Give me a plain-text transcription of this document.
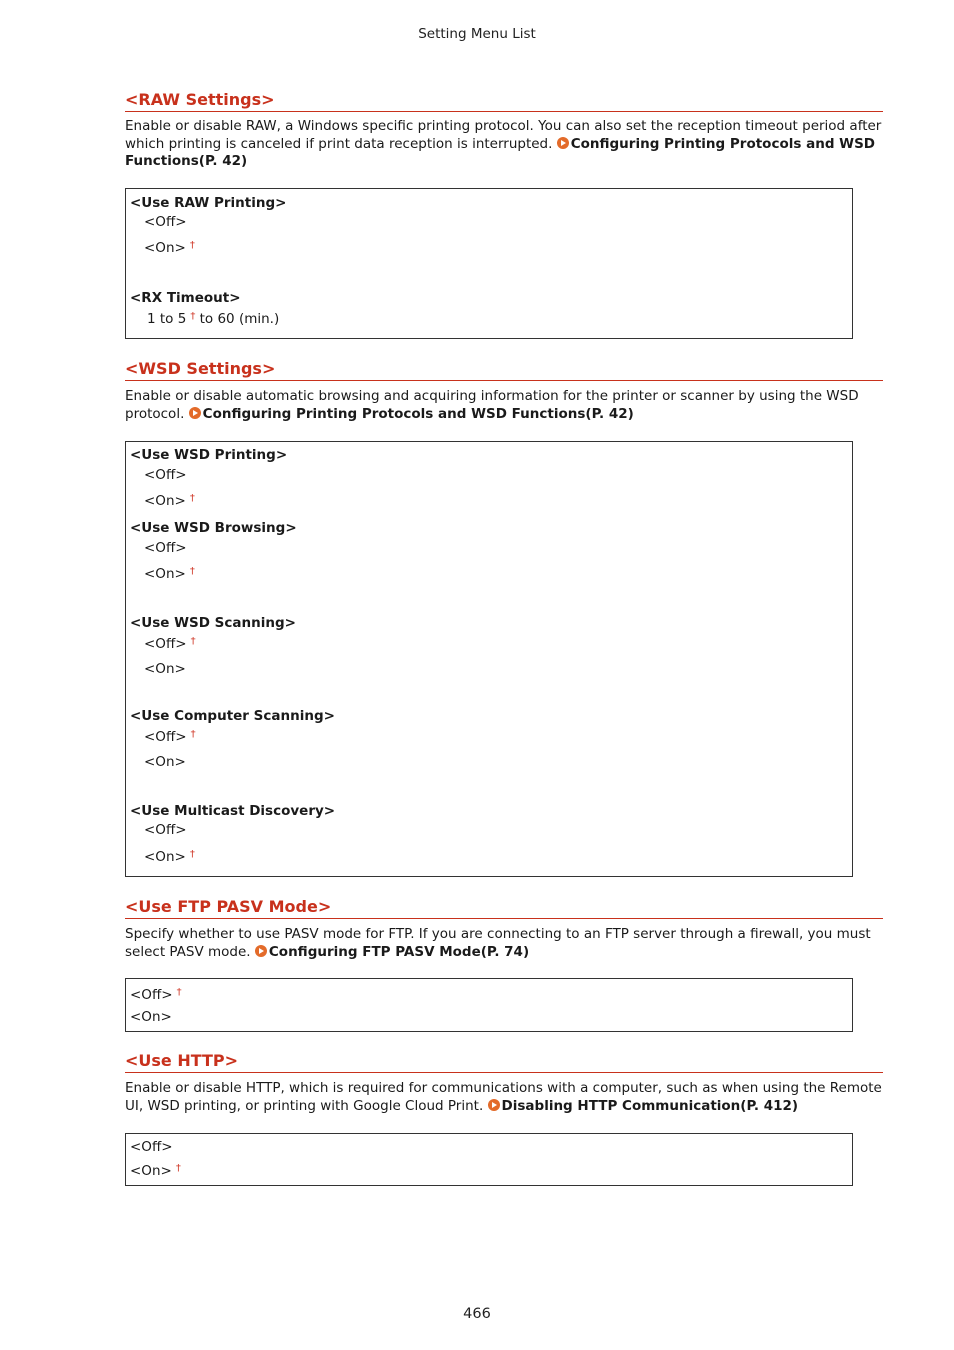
Setting Menu List
<RAW Settings>
Enable or disable RAW, a Windows specific printing protocol. You can also set the reception timeout period after which printing is canceled if print data reception is interrupted. Configuring Printing Protocols and WSD Functions(P. 42)
<Use RAW Printing>
<Off>
<On> †
<RX Timeout>
1 to 5 † to 60 (min.)
<WSD Settings>
Enable or disable automatic browsing and acquiring information for the printer or scanner by using the WSD protocol. Configuring Printing Protocols and WSD Functions(P. 42)
<Use WSD Printing>
<Off>
<On> †
<Use WSD Browsing>
<Off>
<On> †
<Use WSD Scanning>
<Off> †
<On>
<Use Computer Scanning>
<Off> †
<On>
<Use Multicast Discovery>
<Off>
<On> †
<Use FTP PASV Mode>
Specify whether to use PASV mode for FTP. If you are connecting to an FTP server through a firewall, you must select PASV mode. Configuring FTP PASV Mode(P. 74)
<Off> †
<On>
<Use HTTP>
Enable or disable HTTP, which is required for communications with a computer, such as when using the Remote UI, WSD printing, or printing with Google Cloud Print. Disabling HTTP Communication(P. 412)
<Off>
<On> †
466
